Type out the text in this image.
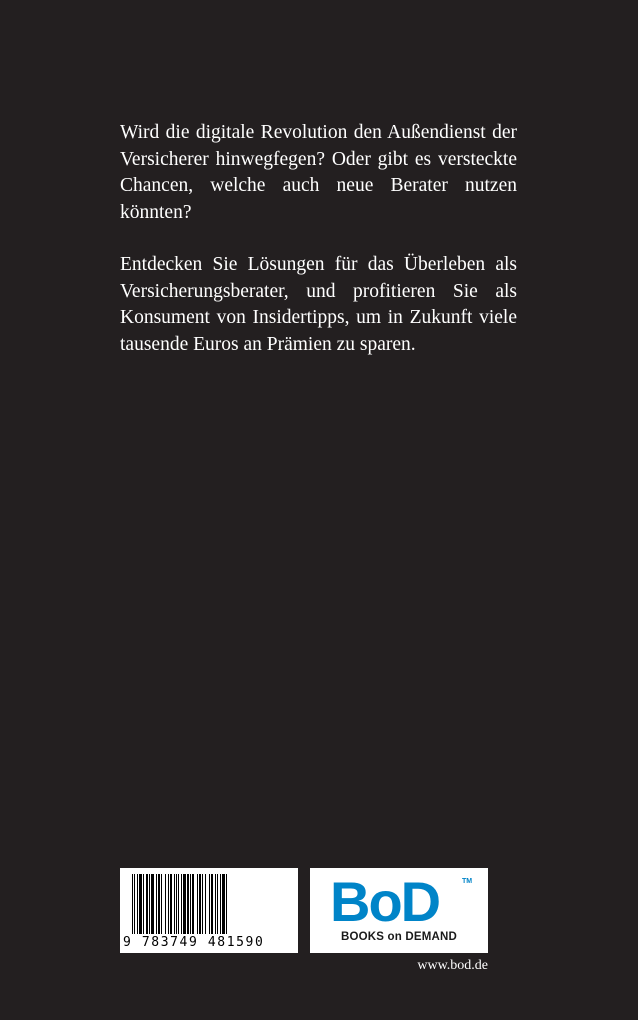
Wird die digitale Revolution den Außendienst der Versicherer hinwegfegen? Oder gibt es versteckte Chancen, welche auch neue Berater nutzen könnten?

Entdecken Sie Lösungen für das Überleben als Versicherungsberater, und profitieren Sie als Konsument von Insidertipps, um in Zukunft viele tausende Euros an Prämien zu sparen.

9 783749 481590
BoD	TM
BOOKS on DEMAND
www.bod.de
